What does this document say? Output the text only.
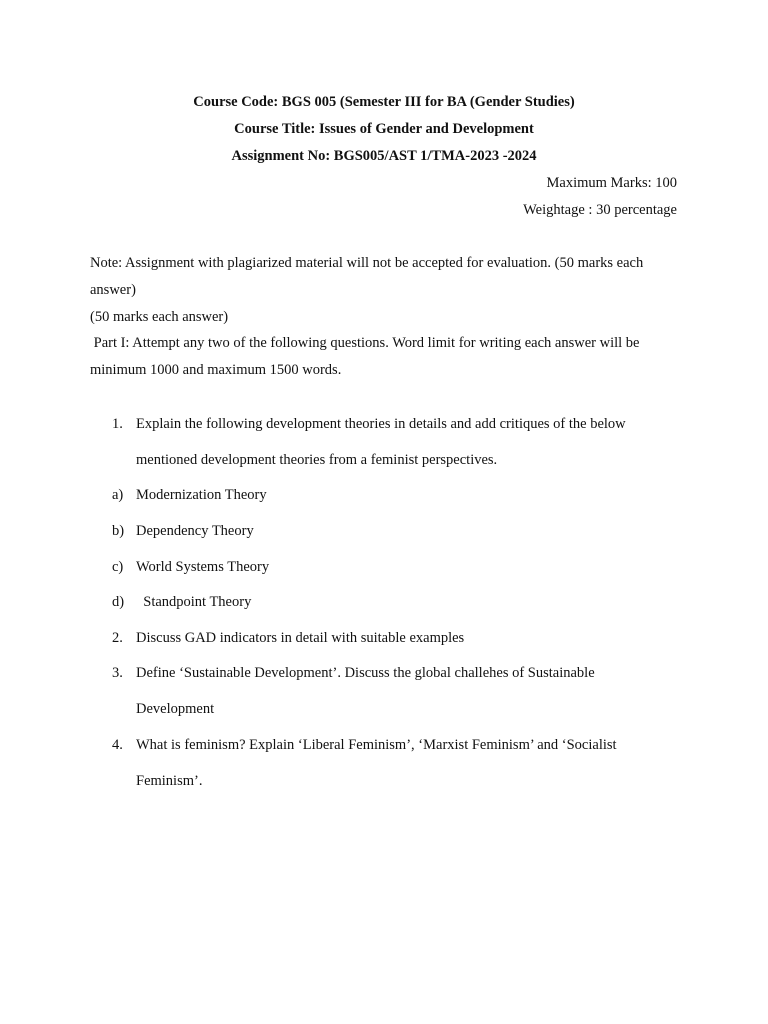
Course Code: BGS 005 (Semester III for BA (Gender Studies)
Course Title: Issues of Gender and Development
Assignment No: BGS005/AST 1/TMA-2023 -2024
Maximum Marks: 100
Weightage : 30 percentage
Note: Assignment with plagiarized material will not be accepted for evaluation. (50 marks each
answer)
(50 marks each answer)
Part I: Attempt any two of the following questions. Word limit for writing each answer will be
minimum 1000 and maximum 1500 words.
1. Explain the following development theories in details and add critiques of the below
mentioned development theories from a feminist perspectives.
a) Modernization Theory
b) Dependency Theory
c) World Systems Theory
d) Standpoint Theory
2. Discuss GAD indicators in detail with suitable examples
3. Define ‘Sustainable Development’. Discuss the global challehes of Sustainable
Development
4. What is feminism? Explain ‘Liberal Feminism’, ‘Marxist Feminism’ and ‘Socialist
Feminism’.
